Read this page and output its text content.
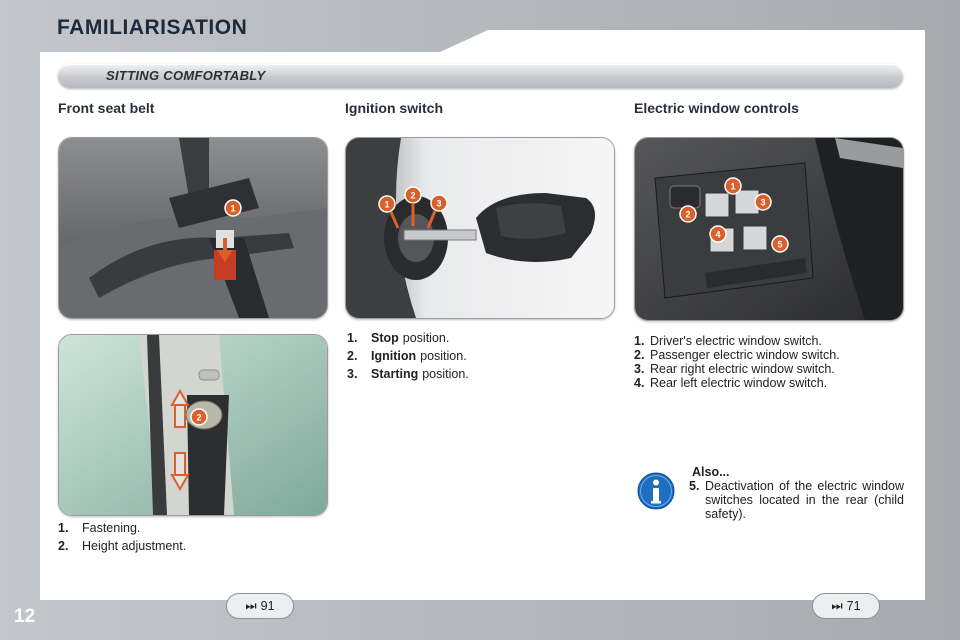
FAMILIARISATION
SITTING COMFORTABLY
Front seat belt	Ignition switch	Electric window controls
1
2
1
2
3
1
2
3
4
5
1.	Stop position.
2.	Ignition position.
3.	Starting position.
1. Driver's electric window switch.
2. Passenger electric window switch.
3. Rear right electric window switch.
4. Rear left electric window switch.
Also...
5. Deactivation of the electric window switches located in the rear (child safety).
1.	Fastening.
2.	Height adjustment.
⏭ 91	⏭ 71
12
